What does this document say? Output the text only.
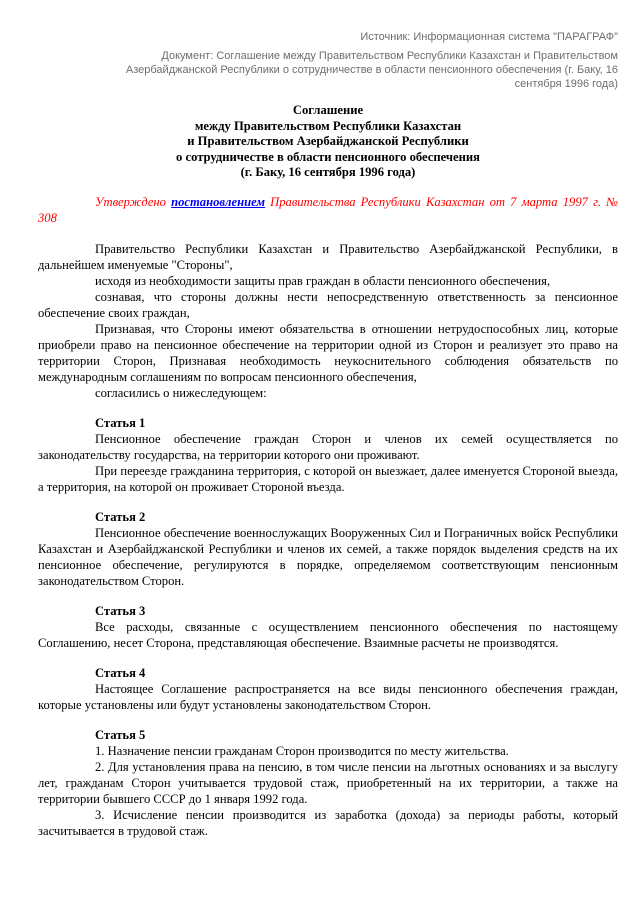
Источник: Информационная система "ПАРАГРАФ"
Документ: Соглашение между Правительством Республики Казахстан и Правительством Азербайджанской Республики о сотрудничестве в области пенсионного обеспечения (г. Баку, 16 сентября 1996 года)
Соглашение
между Правительством Республики Казахстан
и Правительством Азербайджанской Республики
о сотрудничестве в области пенсионного обеспечения
(г. Баку, 16 сентября 1996 года)

Утверждено постановлением Правительства Республики Казахстан от 7 марта 1997 г. № 308

Правительство Республики Казахстан и Правительство Азербайджанской Республики, в дальнейшем именуемые "Стороны",

исходя из необходимости защиты прав граждан в области пенсионного обеспечения,

сознавая, что стороны должны нести непосредственную ответственность за пенсионное обеспечение своих граждан,

Признавая, что Стороны имеют обязательства в отношении нетрудоспособных лиц, которые приобрели право на пенсионное обеспечение на территории одной из Сторон и реализует это право на территории Сторон, Признавая необходимость неукоснительного соблюдения обязательств по международным соглашениям по вопросам пенсионного обеспечения,

согласились о нижеследующем:

Статья 1

Пенсионное обеспечение граждан Сторон и членов их семей осуществляется по законодательству государства, на территории которого они проживают.

При переезде гражданина территория, с которой он выезжает, далее именуется Стороной выезда, а территория, на которой он проживает Стороной въезда.

Статья 2

Пенсионное обеспечение военнослужащих Вооруженных Сил и Пограничных войск Республики Казахстан и Азербайджанской Республики и членов их семей, а также порядок выделения средств на их пенсионное обеспечение, регулируются в порядке, определяемом соответствующим пенсионным законодательством Сторон.

Статья 3

Все расходы, связанные с осуществлением пенсионного обеспечения по настоящему Соглашению, несет Сторона, представляющая обеспечение. Взаимные расчеты не производятся.

Статья 4

Настоящее Соглашение распространяется на все виды пенсионного обеспечения граждан, которые установлены или будут установлены законодательством Сторон.

Статья 5

1. Назначение пенсии гражданам Сторон производится по месту жительства.

2. Для установления права на пенсию, в том числе пенсии на льготных основаниях и за выслугу лет, гражданам Сторон учитывается трудовой стаж, приобретенный на их территории, а также на территории бывшего СССР до 1 января 1992 года.

3. Исчисление пенсии производится из заработка (дохода) за периоды работы, который засчитывается в трудовой стаж.
